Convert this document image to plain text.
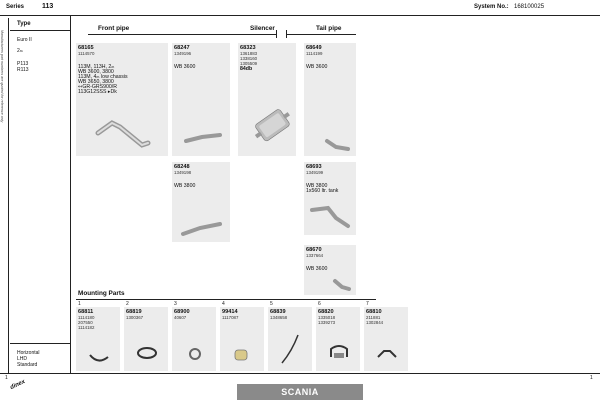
Series	113	System No.: 168100025
Manufacturers part numbers are quoted for reference only
Type
Euro II
2ₘ
P113
R113
Horizontal
LHD
Standard
Front pipe	Silencer	Tail pipe
68165
1114570
113M, 113H, 2ₘ
WB 3600, 3800
113M, 4ₘ low chassis
WB 3650, 3800
↤GR-GRS900/R
113G12SSS ▸Dk
68247
1349196
WB 3600
68323
1361883
1338160
1305509
84db
68649
1114199
WB 3600
68248
1349198
WB 3800
68693
1349199
WB 3800
1x560 ltr. tank
68670
1337664
WB 3600
Mounting Parts
1
68811
1114180
207550
1114182
2
68819
1300367
3
68900
40607
4
99414
1117087
5
68839
1348658
6
68820
1335018
1339273
7
68810
211881
1302844
dinex
1	1
SCANIA
